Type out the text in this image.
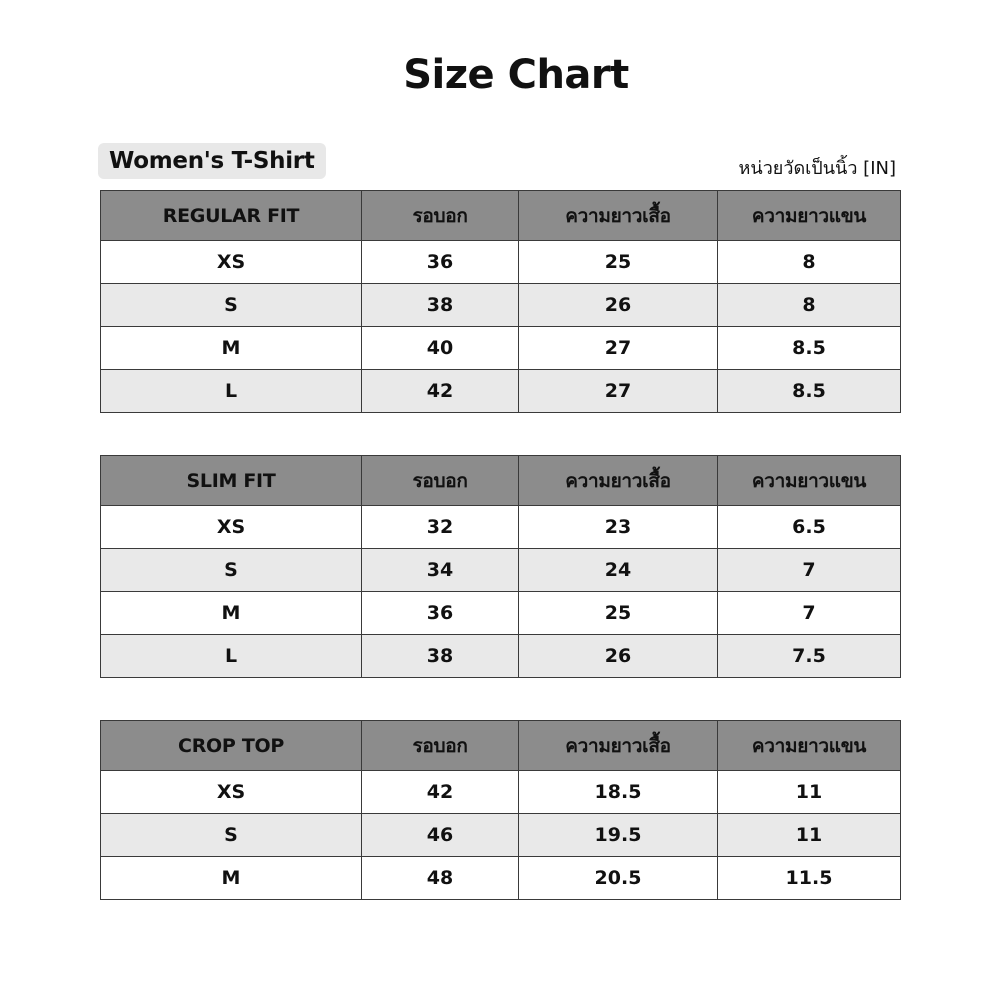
Size Chart
Women's T-Shirt	หน่วยวัดเป็นนิ้ว [IN]
REGULAR FIT	รอบอก	ความยาวเสื้อ	ความยาวแขน
XS	36	25	8
S	38	26	8
M	40	27	8.5
L	42	27	8.5
SLIM FIT	รอบอก	ความยาวเสื้อ	ความยาวแขน
XS	32	23	6.5
S	34	24	7
M	36	25	7
L	38	26	7.5
CROP TOP	รอบอก	ความยาวเสื้อ	ความยาวแขน
XS	42	18.5	11
S	46	19.5	11
M	48	20.5	11.5
